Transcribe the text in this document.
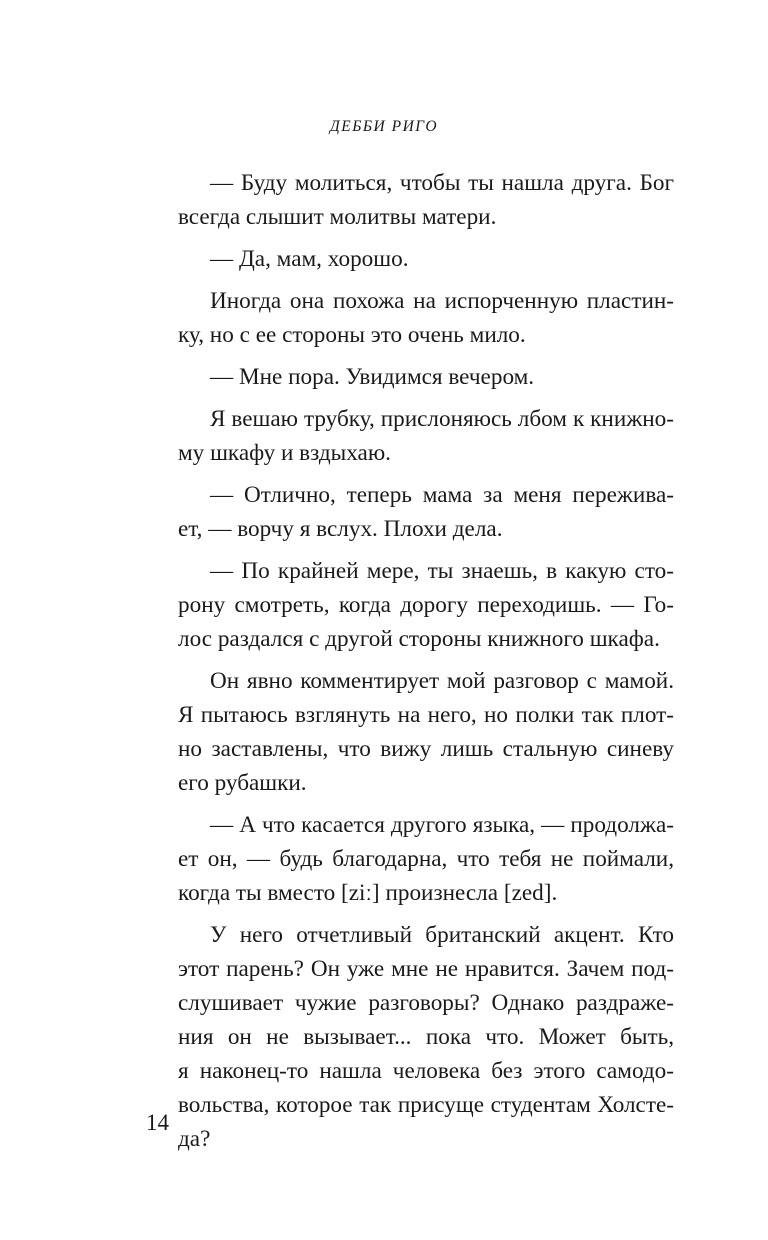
ДЕББИ РИГО
— Буду молиться, чтобы ты нашла друга. Бог
всегда слышит молитвы матери.
— Да, мам, хорошо.
Иногда она похожа на испорченную пластин-
ку, но с ее стороны это очень мило.
— Мне пора. Увидимся вечером.
Я вешаю трубку, прислоняюсь лбом к книжно-
му шкафу и вздыхаю.
— Отлично, теперь мама за меня пережива-
ет, — ворчу я вслух. Плохи дела.
— По крайней мере, ты знаешь, в какую сто-
рону смотреть, когда дорогу переходишь. — Го-
лос раздался с другой стороны книжного шкафа.
Он явно комментирует мой разговор с мамой.
Я пытаюсь взглянуть на него, но полки так плот-
но заставлены, что вижу лишь стальную синеву
его рубашки.
— А что касается другого языка, — продолжа-
ет он, — будь благодарна, что тебя не поймали,
когда ты вместо [ziː] произнесла [zed].
У него отчетливый британский акцент. Кто
этот парень? Он уже мне не нравится. Зачем под-
слушивает чужие разговоры? Однако раздраже-
ния он не вызывает... пока что. Может быть,
я наконец-то нашла человека без этого самодо-
вольства, которое так присуще студентам Холсте-
да?
14
